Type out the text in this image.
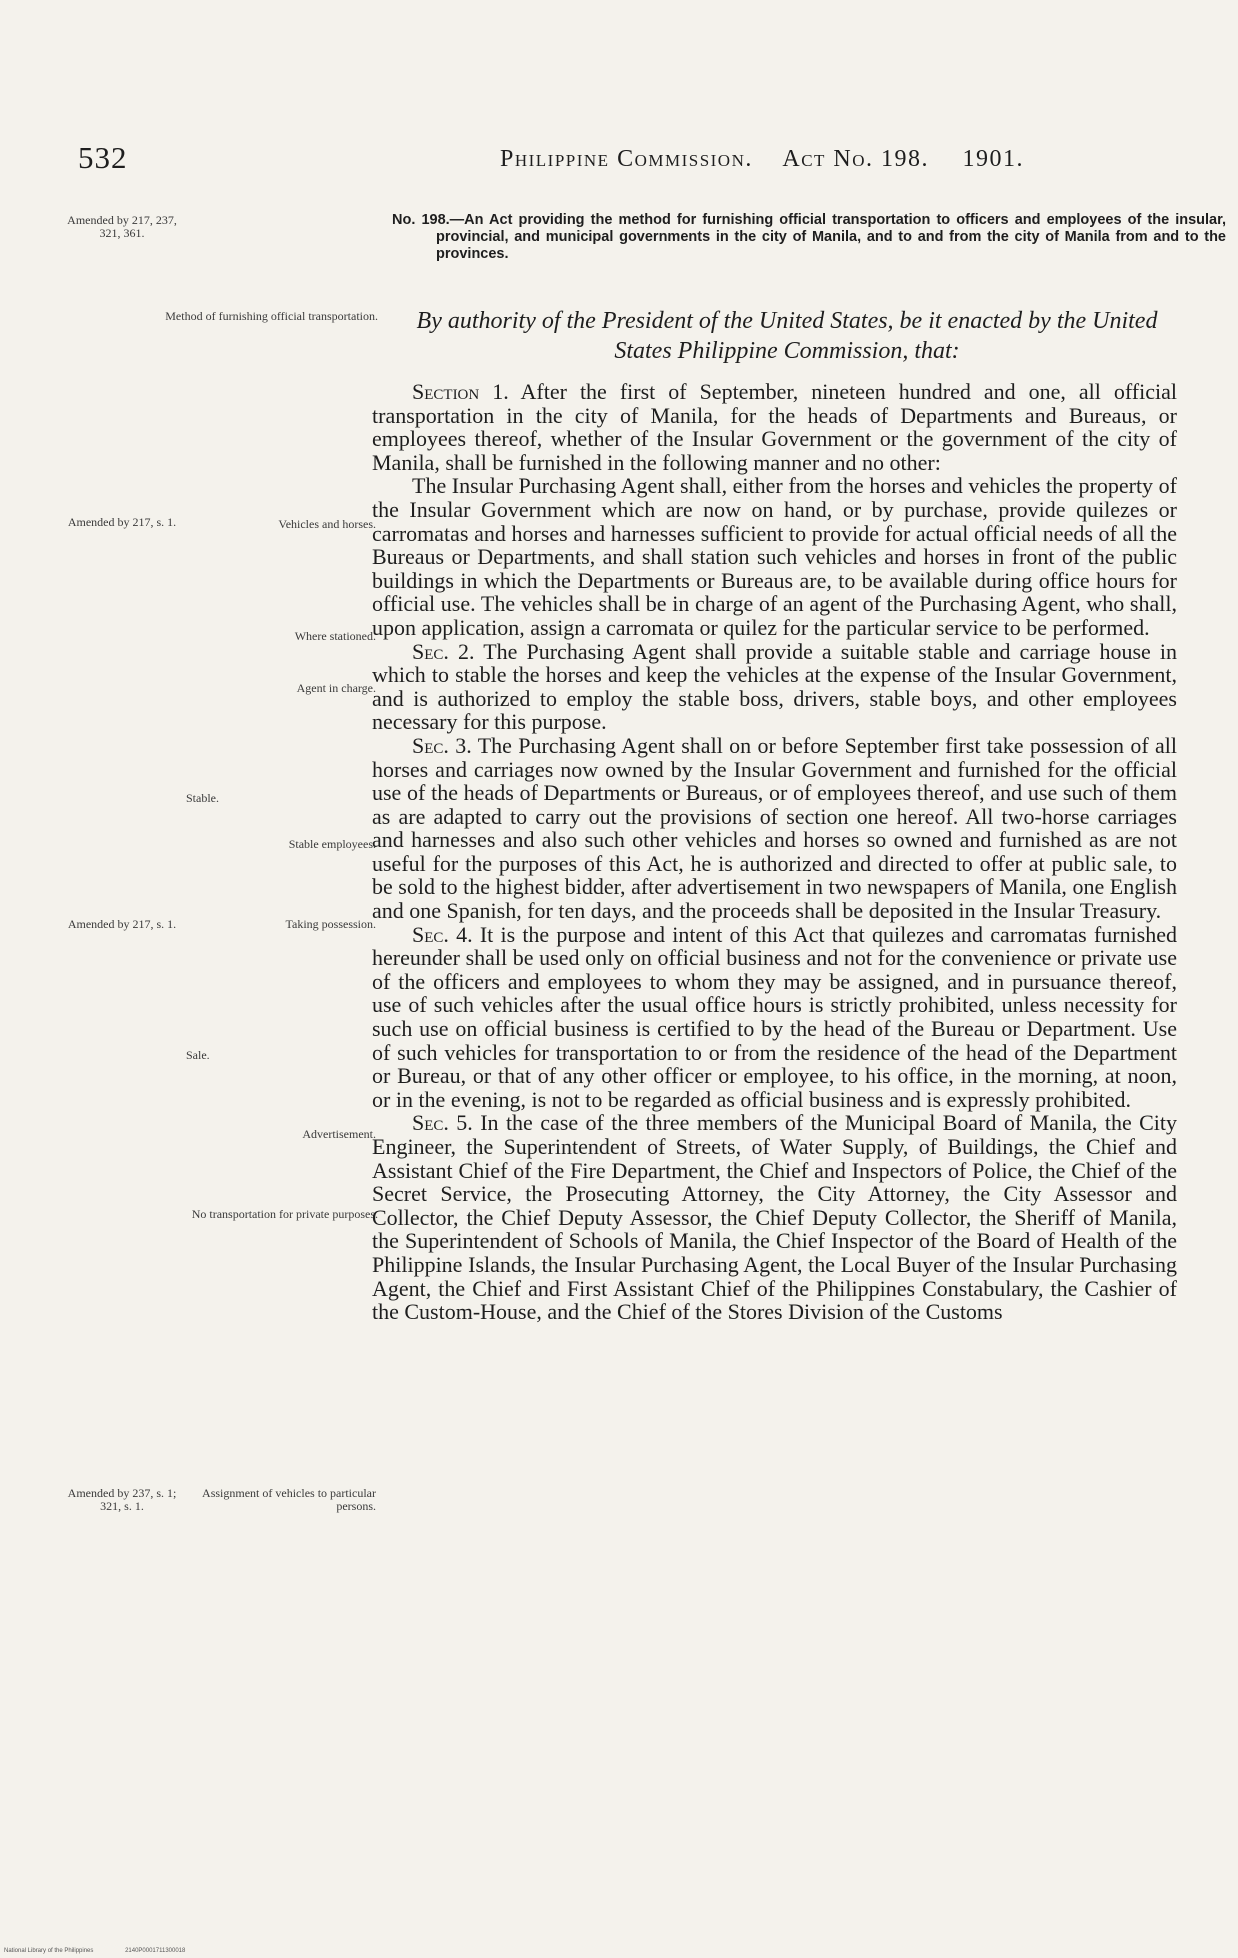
532	Philippine Commission. Act No. 198. 1901.
Amended by 217, 237, 321, 361.
Amended by 217, s. 1.
Amended by 217, s. 1.
Amended by 237, s. 1; 321, s. 1.
Method of furnishing official transportation.
Vehicles and horses.
Where stationed.
Agent in charge.
Stable.
Stable employees.
Taking possession.
Sale.
Advertisement.
No transportation for private purposes.
Assignment of vehicles to particular persons.
No. 198.—An Act providing the method for furnishing official transportation to officers and employees of the insular, provincial, and municipal governments in the city of Manila, and to and from the city of Manila from and to the provinces.
By authority of the President of the United States, be it enacted by the United States Philippine Commission, that:

Section 1. After the first of September, nineteen hundred and one, all official transportation in the city of Manila, for the heads of Departments and Bureaus, or employees thereof, whether of the Insular Government or the government of the city of Manila, shall be furnished in the following manner and no other:

The Insular Purchasing Agent shall, either from the horses and vehicles the property of the Insular Government which are now on hand, or by purchase, provide quilezes or carromatas and horses and harnesses sufficient to provide for actual official needs of all the Bureaus or Departments, and shall station such vehicles and horses in front of the public buildings in which the Departments or Bureaus are, to be available during office hours for official use. The vehicles shall be in charge of an agent of the Purchasing Agent, who shall, upon application, assign a carromata or quilez for the particular service to be performed.

Sec. 2. The Purchasing Agent shall provide a suitable stable and carriage house in which to stable the horses and keep the vehicles at the expense of the Insular Government, and is authorized to employ the stable boss, drivers, stable boys, and other employees necessary for this purpose.

Sec. 3. The Purchasing Agent shall on or before September first take possession of all horses and carriages now owned by the Insular Government and furnished for the official use of the heads of Departments or Bureaus, or of employees thereof, and use such of them as are adapted to carry out the provisions of section one hereof. All two-horse carriages and harnesses and also such other vehicles and horses so owned and furnished as are not useful for the purposes of this Act, he is authorized and directed to offer at public sale, to be sold to the highest bidder, after advertisement in two newspapers of Manila, one English and one Spanish, for ten days, and the proceeds shall be deposited in the Insular Treasury.

Sec. 4. It is the purpose and intent of this Act that quilezes and carromatas furnished hereunder shall be used only on official business and not for the convenience or private use of the officers and employees to whom they may be assigned, and in pursuance thereof, use of such vehicles after the usual office hours is strictly prohibited, unless necessity for such use on official business is certified to by the head of the Bureau or Department. Use of such vehicles for transportation to or from the residence of the head of the Department or Bureau, or that of any other officer or employee, to his office, in the morning, at noon, or in the evening, is not to be regarded as official business and is expressly prohibited.

Sec. 5. In the case of the three members of the Municipal Board of Manila, the City Engineer, the Superintendent of Streets, of Water Supply, of Buildings, the Chief and Assistant Chief of the Fire Department, the Chief and Inspectors of Police, the Chief of the Secret Service, the Prosecuting Attorney, the City Attorney, the City Assessor and Collector, the Chief Deputy Assessor, the Chief Deputy Collector, the Sheriff of Manila, the Superintendent of Schools of Manila, the Chief Inspector of the Board of Health of the Philippine Islands, the Insular Purchasing Agent, the Local Buyer of the Insular Purchasing Agent, the Chief and First Assistant Chief of the Philippines Constabulary, the Cashier of the Custom-House, and the Chief of the Stores Division of the Customs

National Library of the Philippines	2140P0001711300018
